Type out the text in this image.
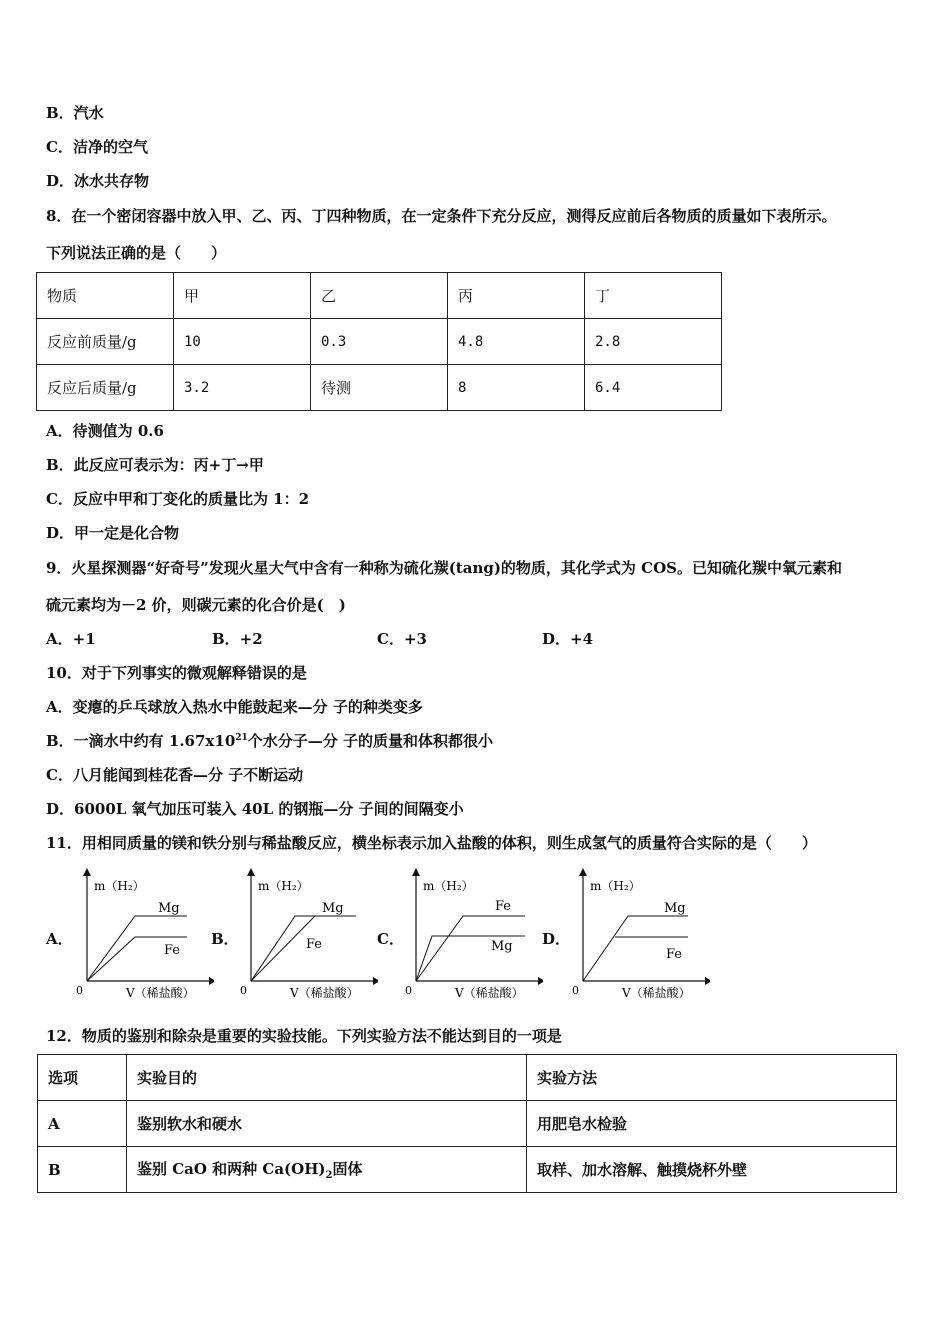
B．汽水
C．洁净的空气
D．冰水共存物
8．在一个密闭容器中放入甲、乙、丙、丁四种物质，在一定条件下充分反应，测得反应前后各物质的质量如下表所示。
下列说法正确的是（　　）
物质	甲	乙	丙	丁
反应前质量/g	10	0.3	4.8	2.8
反应后质量/g	3.2	待测	8	6.4
A．待测值为 0.6
B．此反应可表示为：丙+丁→甲
C．反应中甲和丁变化的质量比为 1：2
D．甲一定是化合物
9．火星探测器“好奇号”发现火星大气中含有一种称为硫化羰(tang)的物质，其化学式为 COS。已知硫化羰中氧元素和
硫元素均为－2 价，则碳元素的化合价是(　)
A．+1	B．+2	C．+3	D．+4
10．对于下列事实的微观解释错误的是
A．变瘪的乒乓球放入热水中能鼓起来—分 子的种类变多
B．一滴水中约有 $1.67x10^{21}$个水分子—分 子的质量和体积都很小
C．八月能闻到桂花香—分 子不断运动
D．6000L 氧气加压可装入 40L 的钢瓶—分 子间的间隔变小
11．用相同质量的镁和铁分别与稀盐酸反应，横坐标表示加入盐酸的体积，则生成氢气的质量符合实际的是（　　）
A．
m（H₂）
Mg
Fe
0	V（稀盐酸）
B．
m（H₂）
Mg
Fe
0	V（稀盐酸）
C．
m（H₂）
Fe
Mg
0	V（稀盐酸）
D．
m（H₂）
Mg
Fe
0	V（稀盐酸）
12．物质的鉴别和除杂是重要的实验技能。下列实验方法不能达到目的一项是
选项	实验目的	实验方法
A	鉴别软水和硬水	用肥皂水检验
B	鉴别 CaO 和两种 $Ca(OH)_2$固体	取样、加水溶解、触摸烧杯外壁
